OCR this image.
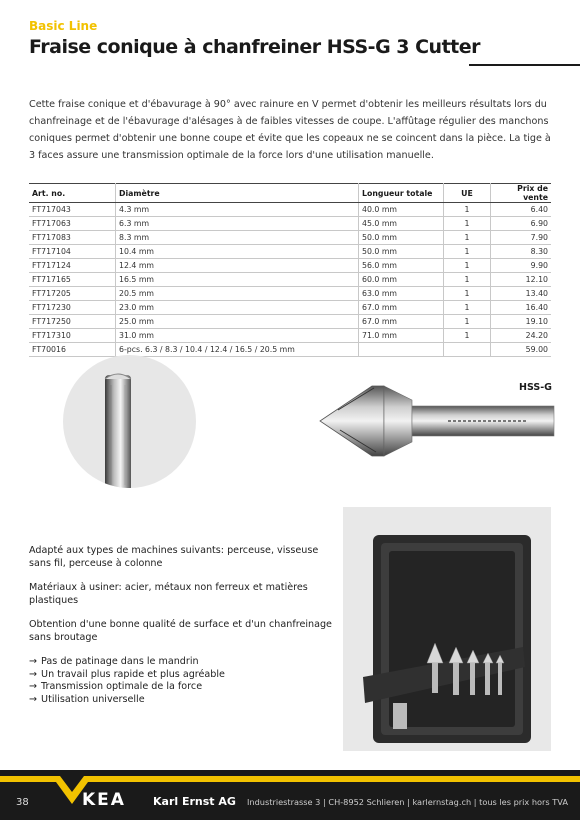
Basic Line
Fraise conique à chanfreiner HSS-G 3 Cutter

Cette fraise conique et d'ébavurage à 90° avec rainure en V permet d'obtenir les meilleurs résultats lors du chanfreinage et de l'ébavurage d'alésages à de faibles vitesses de coupe. L'affûtage régulier des manchons coniques permet d'obtenir une bonne coupe et évite que les copeaux ne se coincent dans la pièce. La tige à 3 faces assure une transmission optimale de la force lors d'une utilisation manuelle.

Art. no.	Diamètre	Longueur totale	UE	Prix de vente
FT717043	4.3 mm	40.0 mm	1	6.40
FT717063	6.3 mm	45.0 mm	1	6.90
FT717083	8.3 mm	50.0 mm	1	7.90
FT717104	10.4 mm	50.0 mm	1	8.30
FT717124	12.4 mm	56.0 mm	1	9.90
FT717165	16.5 mm	60.0 mm	1	12.10
FT717205	20.5 mm	63.0 mm	1	13.40
FT717230	23.0 mm	67.0 mm	1	16.40
FT717250	25.0 mm	67.0 mm	1	19.10
FT717310	31.0 mm	71.0 mm	1	24.20
FT70016	6-pcs. 6.3 / 8.3 / 10.4 / 12.4 / 16.5 / 20.5 mm			59.00
HSS-G

Adapté aux types de machines suivants: perceuse, visseuse sans fil, perceuse à colonne

Matériaux à usiner: acier, métaux non ferreux et matières plastiques

Obtention d'une bonne qualité de surface et d'un chanfreinage sans broutage

→ Pas de patinage dans le mandrin
→ Un travail plus rapide et plus agréable
→ Transmission optimale de la force
→ Utilisation universelle
38	KEA Karl Ernst AG Industriestrasse 3 | CH-8952 Schlieren | karlernstag.ch | tous les prix hors TVA
